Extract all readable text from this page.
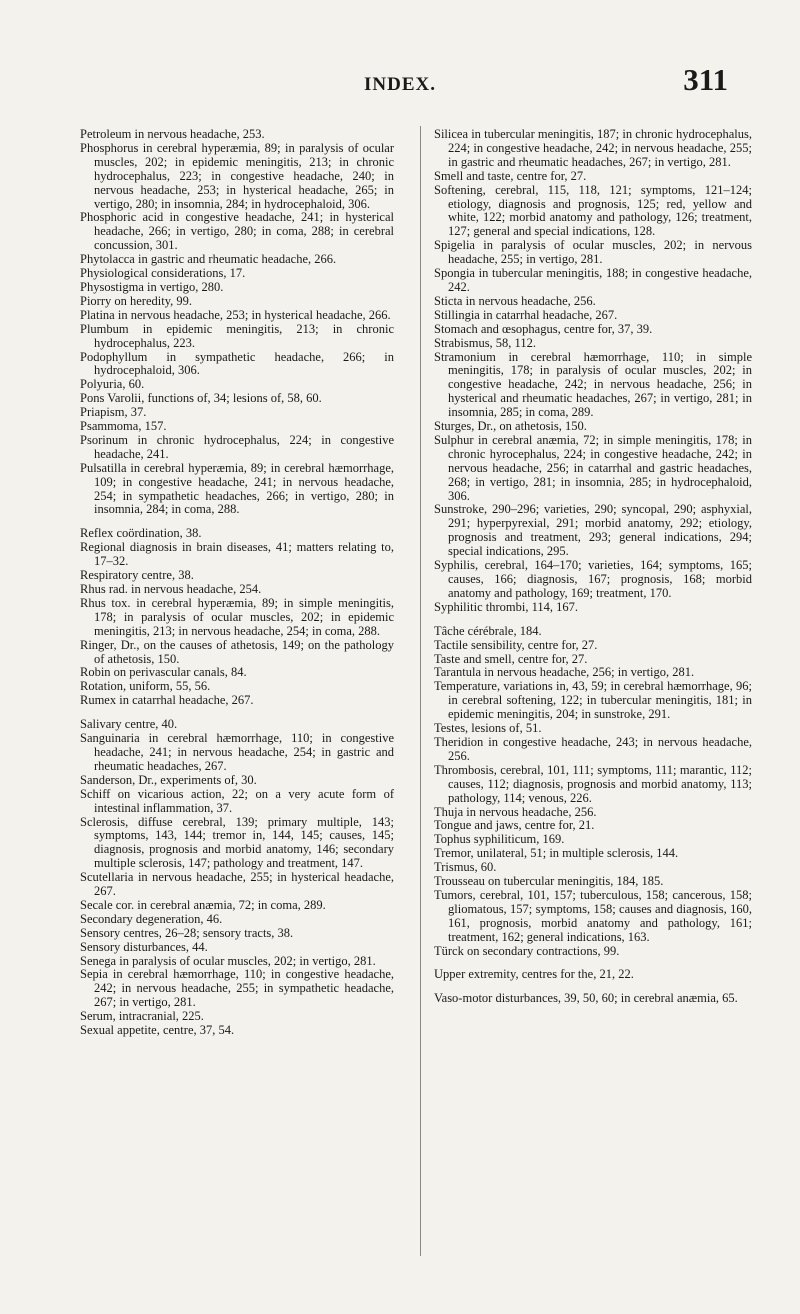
INDEX.	311

Petroleum in nervous headache, 253.

Phosphorus in cerebral hyperæmia, 89; in paralysis of ocular muscles, 202; in epidemic meningitis, 213; in chronic hydrocephalus, 223; in congestive headache, 240; in nervous headache, 253; in hysterical headache, 265; in vertigo, 280; in insomnia, 284; in hydrocephaloid, 306.

Phosphoric acid in congestive headache, 241; in hysterical headache, 266; in vertigo, 280; in coma, 288; in cerebral concussion, 301.

Phytolacca in gastric and rheumatic headache, 266.

Physiological considerations, 17.

Physostigma in vertigo, 280.

Piorry on heredity, 99.

Platina in nervous headache, 253; in hysterical headache, 266.

Plumbum in epidemic meningitis, 213; in chronic hydrocephalus, 223.

Podophyllum in sympathetic headache, 266; in hydrocephaloid, 306.

Polyuria, 60.

Pons Varolii, functions of, 34; lesions of, 58, 60.

Priapism, 37.

Psammoma, 157.

Psorinum in chronic hydrocephalus, 224; in congestive headache, 241.

Pulsatilla in cerebral hyperæmia, 89; in cerebral hæmorrhage, 109; in congestive headache, 241; in nervous headache, 254; in sympathetic headaches, 266; in vertigo, 280; in insomnia, 284; in coma, 288.

Reflex coördination, 38.

Regional diagnosis in brain diseases, 41; matters relating to, 17–32.

Respiratory centre, 38.

Rhus rad. in nervous headache, 254.

Rhus tox. in cerebral hyperæmia, 89; in simple meningitis, 178; in paralysis of ocular muscles, 202; in epidemic meningitis, 213; in nervous headache, 254; in coma, 288.

Ringer, Dr., on the causes of athetosis, 149; on the pathology of athetosis, 150.

Robin on perivascular canals, 84.

Rotation, uniform, 55, 56.

Rumex in catarrhal headache, 267.

Salivary centre, 40.

Sanguinaria in cerebral hæmorrhage, 110; in congestive headache, 241; in nervous headache, 254; in gastric and rheumatic headaches, 267.

Sanderson, Dr., experiments of, 30.

Schiff on vicarious action, 22; on a very acute form of intestinal inflammation, 37.

Sclerosis, diffuse cerebral, 139; primary multiple, 143; symptoms, 143, 144; tremor in, 144, 145; causes, 145; diagnosis, prognosis and morbid anatomy, 146; secondary multiple sclerosis, 147; pathology and treatment, 147.

Scutellaria in nervous headache, 255; in hysterical headache, 267.

Secale cor. in cerebral anæmia, 72; in coma, 289.

Secondary degeneration, 46.

Sensory centres, 26–28; sensory tracts, 38.

Sensory disturbances, 44.

Senega in paralysis of ocular muscles, 202; in vertigo, 281.

Sepia in cerebral hæmorrhage, 110; in congestive headache, 242; in nervous headache, 255; in sympathetic headache, 267; in vertigo, 281.

Serum, intracranial, 225.

Sexual appetite, centre, 37, 54.

Silicea in tubercular meningitis, 187; in chronic hydrocephalus, 224; in congestive headache, 242; in nervous headache, 255; in gastric and rheumatic headaches, 267; in vertigo, 281.

Smell and taste, centre for, 27.

Softening, cerebral, 115, 118, 121; symptoms, 121–124; etiology, diagnosis and prognosis, 125; red, yellow and white, 122; morbid anatomy and pathology, 126; treatment, 127; general and special indications, 128.

Spigelia in paralysis of ocular muscles, 202; in nervous headache, 255; in vertigo, 281.

Spongia in tubercular meningitis, 188; in congestive headache, 242.

Sticta in nervous headache, 256.

Stillingia in catarrhal headache, 267.

Stomach and œsophagus, centre for, 37, 39.

Strabismus, 58, 112.

Stramonium in cerebral hæmorrhage, 110; in simple meningitis, 178; in paralysis of ocular muscles, 202; in congestive headache, 242; in nervous headache, 256; in hysterical and rheumatic headaches, 267; in vertigo, 281; in insomnia, 285; in coma, 289.

Sturges, Dr., on athetosis, 150.

Sulphur in cerebral anæmia, 72; in simple meningitis, 178; in chronic hyrocephalus, 224; in congestive headache, 242; in nervous headache, 256; in catarrhal and gastric headaches, 268; in vertigo, 281; in insomnia, 285; in hydrocephaloid, 306.

Sunstroke, 290–296; varieties, 290; syncopal, 290; asphyxial, 291; hyperpyrexial, 291; morbid anatomy, 292; etiology, prognosis and treatment, 293; general indications, 294; special indications, 295.

Syphilis, cerebral, 164–170; varieties, 164; symptoms, 165; causes, 166; diagnosis, 167; prognosis, 168; morbid anatomy and pathology, 169; treatment, 170.

Syphilitic thrombi, 114, 167.

Tâche cérébrale, 184.

Tactile sensibility, centre for, 27.

Taste and smell, centre for, 27.

Tarantula in nervous headache, 256; in vertigo, 281.

Temperature, variations in, 43, 59; in cerebral hæmorrhage, 96; in cerebral softening, 122; in tubercular meningitis, 181; in epidemic meningitis, 204; in sunstroke, 291.

Testes, lesions of, 51.

Theridion in congestive headache, 243; in nervous headache, 256.

Thrombosis, cerebral, 101, 111; symptoms, 111; marantic, 112; causes, 112; diagnosis, prognosis and morbid anatomy, 113; pathology, 114; venous, 226.

Thuja in nervous headache, 256.

Tongue and jaws, centre for, 21.

Tophus syphiliticum, 169.

Tremor, unilateral, 51; in multiple sclerosis, 144.

Trismus, 60.

Trousseau on tubercular meningitis, 184, 185.

Tumors, cerebral, 101, 157; tuberculous, 158; cancerous, 158; gliomatous, 157; symptoms, 158; causes and diagnosis, 160, 161, prognosis, morbid anatomy and pathology, 161; treatment, 162; general indications, 163.

Türck on secondary contractions, 99.

Upper extremity, centres for the, 21, 22.

Vaso-motor disturbances, 39, 50, 60; in cerebral anæmia, 65.
